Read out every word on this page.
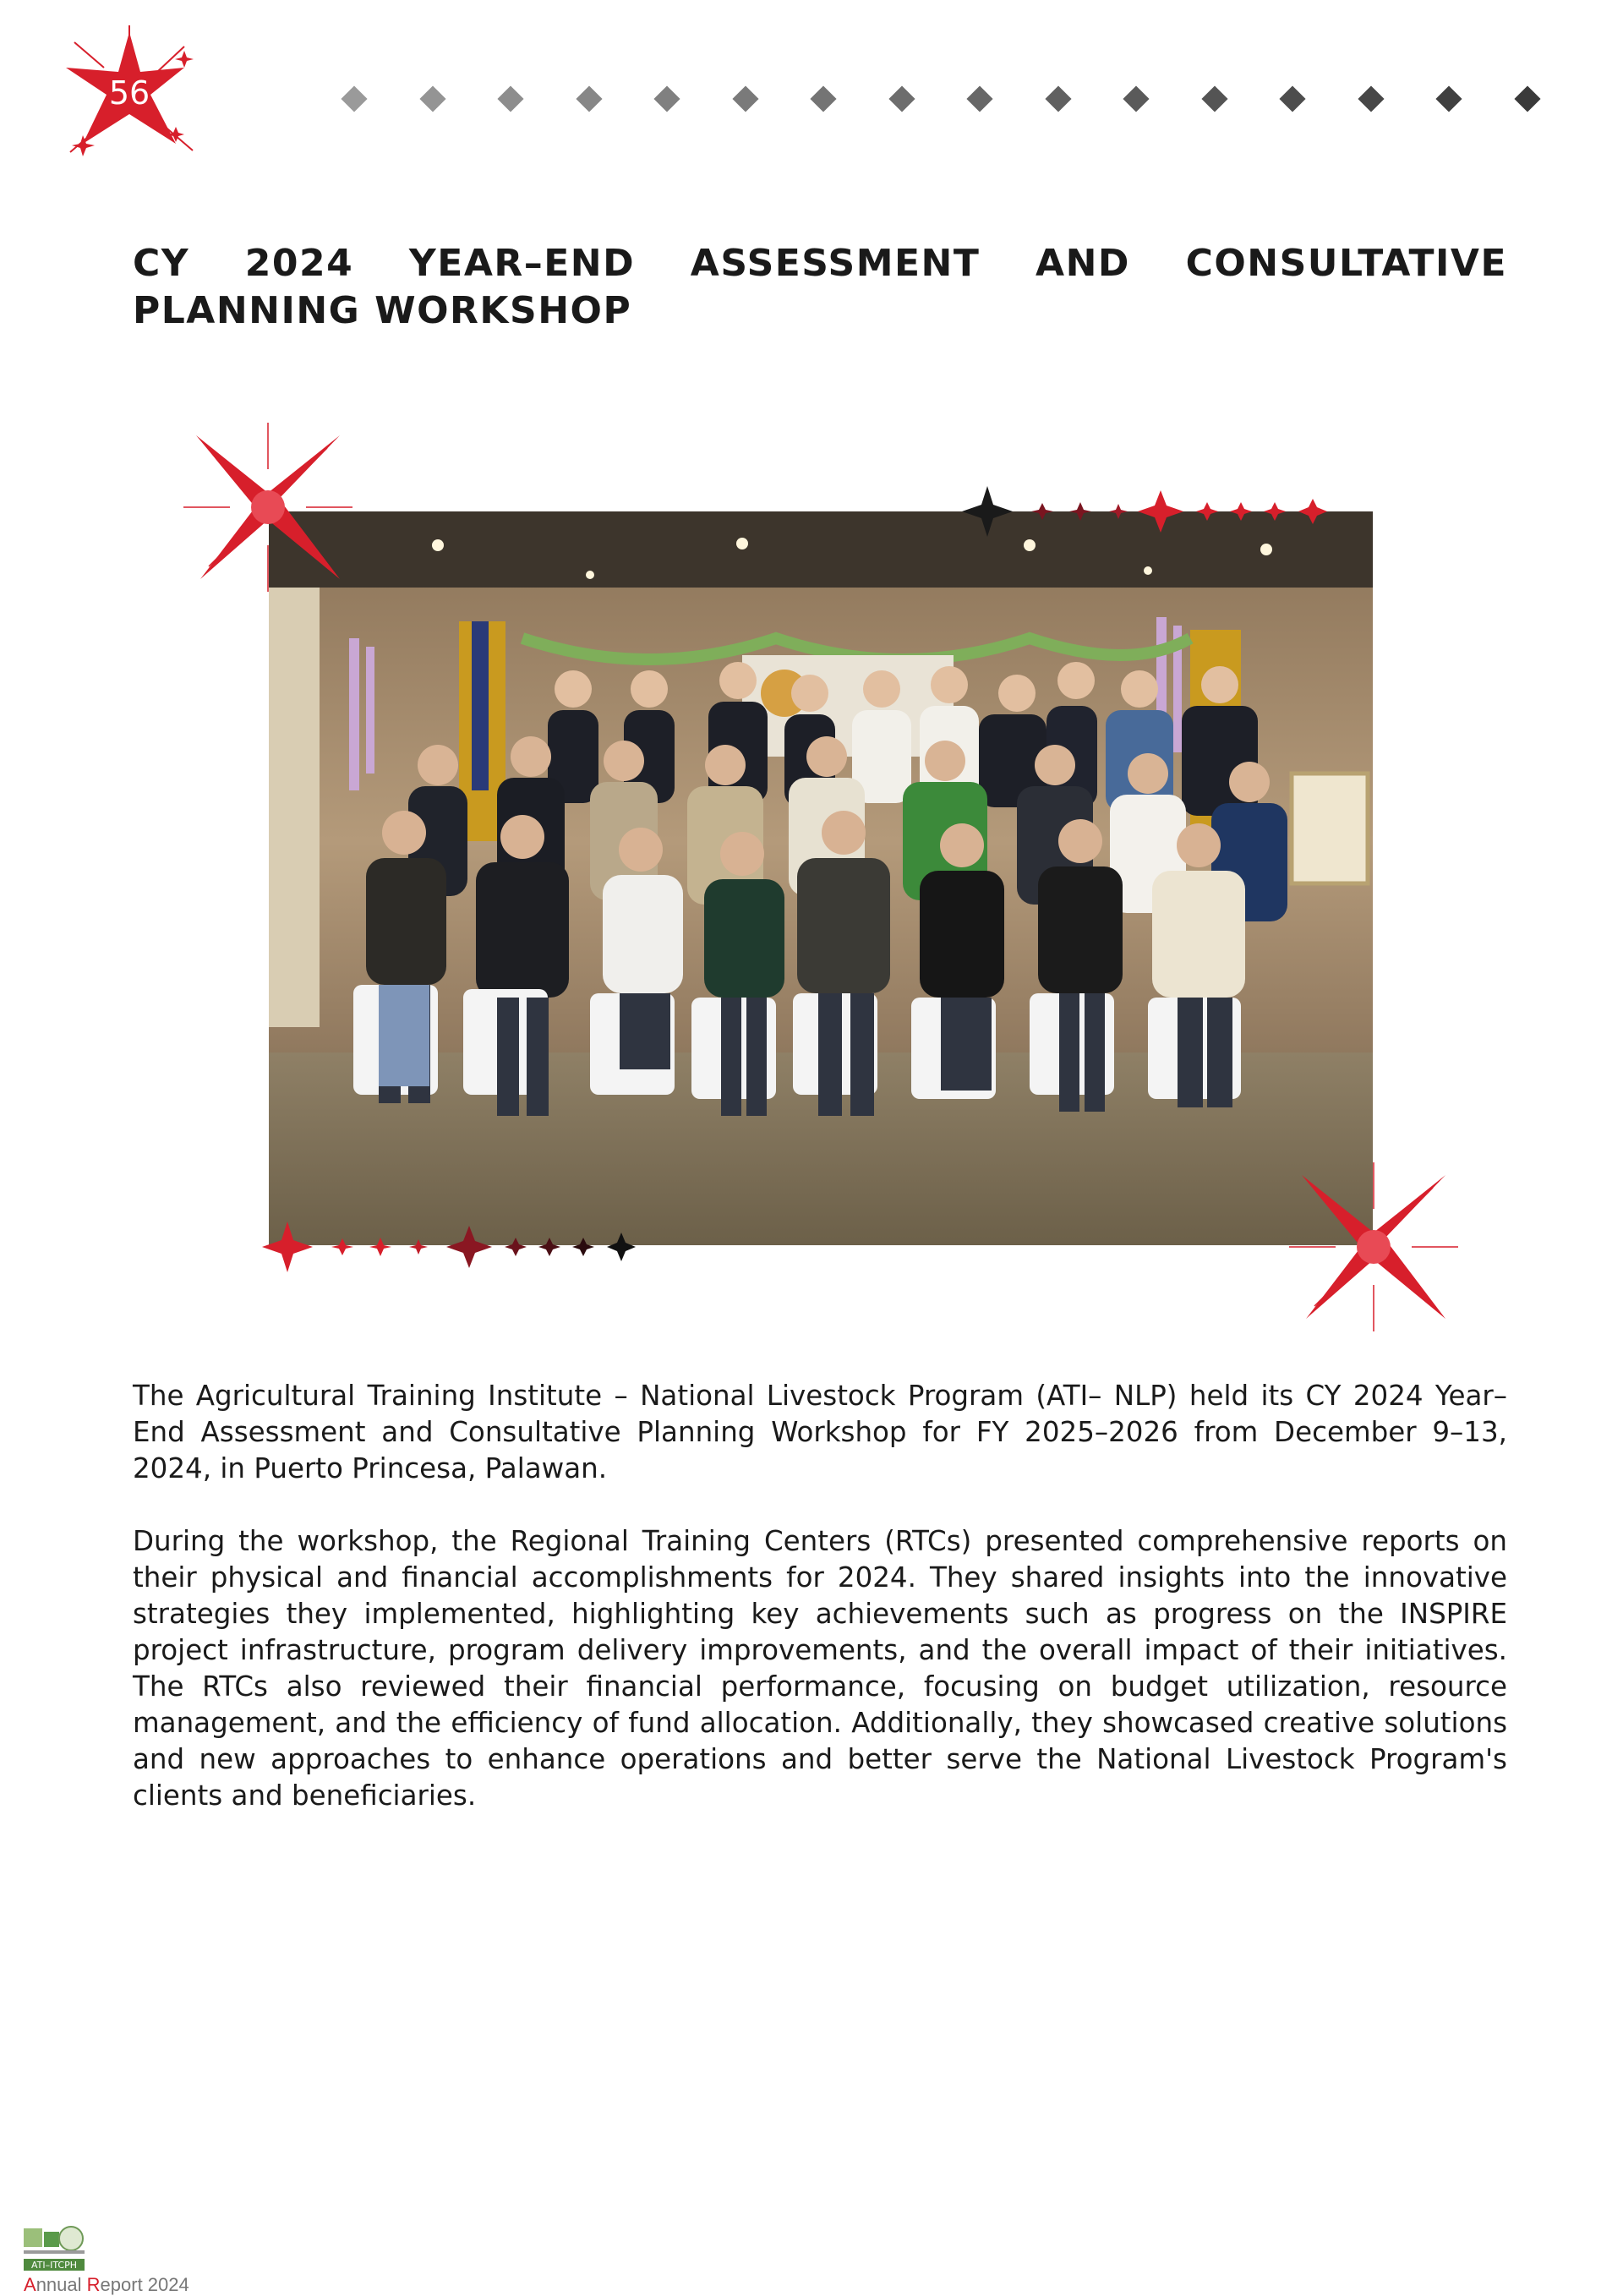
56
CY 2024 YEAR–END ASSESSMENT AND CONSULTATIVE PLANNING WORKSHOP

The Agricultural Training Institute – National Livestock Program (ATI– NLP) held its CY 2024 Year–End Assessment and Consultative Planning Workshop for FY 2025–2026 from December 9–13, 2024, in Puerto Princesa, Palawan.

During the workshop, the Regional Training Centers (RTCs) presented comprehensive reports on their physical and financial accomplishments for 2024. They shared insights into the innovative strategies they implemented, highlighting key achievements such as progress on the INSPIRE project infrastructure, program delivery improvements, and the overall impact of their initiatives. The RTCs also reviewed their financial performance, focusing on budget utilization, resource management, and the efficiency of fund allocation. Additionally, they showcased creative solutions and new approaches to enhance operations and better serve the National Livestock Program's clients and beneficiaries.

ATI–ITCPH
Annual Report 2024
